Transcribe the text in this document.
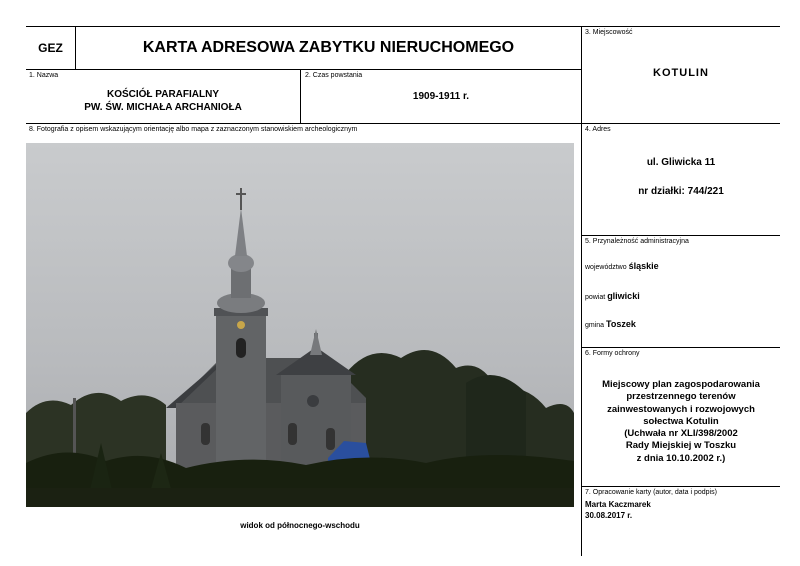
GEZ	KARTA ADRESOWA ZABYTKU NIERUCHOMEGO
3. Miejscowość
KOTULIN
1. Nazwa
KOŚCIÓŁ PARAFIALNY
PW. ŚW. MICHAŁA ARCHANIOŁA
2. Czas powstania
1909-1911 r.
8. Fotografia z opisem wskazującym orientację albo mapa z zaznaczonym stanowiskiem archeologicznym
widok od północnego-wschodu
4. Adres
ul. Gliwicka 11
nr działki: 744/221
5. Przynależność administracyjna
województwo śląskie
powiat gliwicki
gmina Toszek
6. Formy ochrony
Miejscowy plan zagospodarowania
przestrzennego terenów
zainwestowanych i rozwojowych
sołectwa Kotulin
(Uchwała nr XLI/398/2002
Rady Miejskiej w Toszku
z dnia 10.10.2002 r.)
7. Opracowanie karty (autor, data i podpis)
Marta Kaczmarek
30.08.2017 r.
